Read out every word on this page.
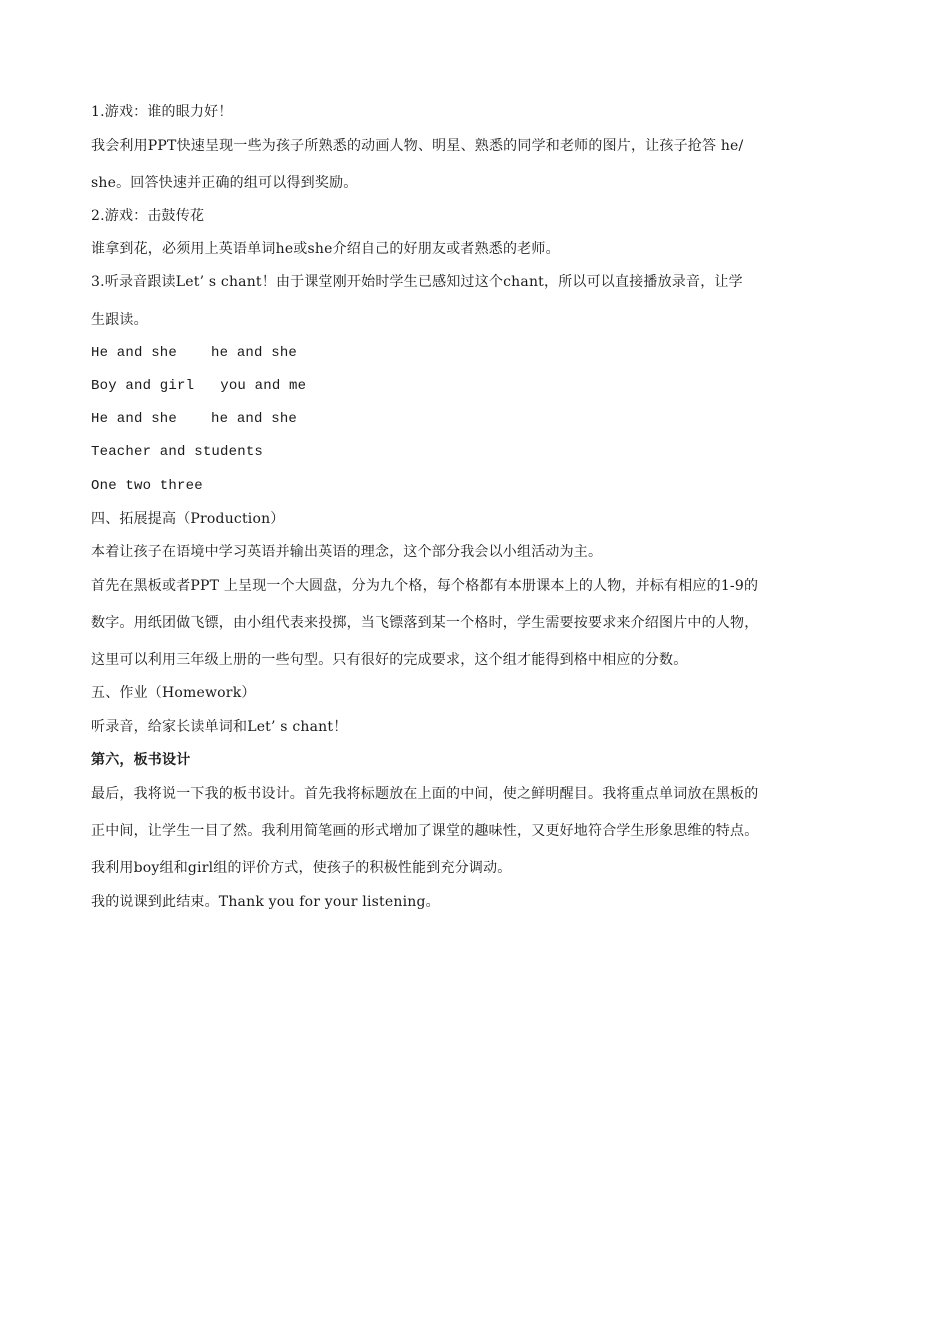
1.游戏：谁的眼力好！
我会利用PPT快速呈现一些为孩子所熟悉的动画人物、明星、熟悉的同学和老师的图片，让孩子抢答 he/
she。回答快速并正确的组可以得到奖励。
2.游戏：击鼓传花
谁拿到花，必须用上英语单词he或she介绍自己的好朋友或者熟悉的老师。
3.听录音跟读Let’ s chant！由于课堂刚开始时学生已感知过这个chant，所以可以直接播放录音，让学
生跟读。
He and she he and she
Boy and girl you and me
He and she he and she
Teacher and students
One two three
四、拓展提高（Production）
本着让孩子在语境中学习英语并输出英语的理念，这个部分我会以小组活动为主。
首先在黑板或者PPT 上呈现一个大圆盘，分为九个格，每个格都有本册课本上的人物，并标有相应的1-9的
数字。用纸团做飞镖，由小组代表来投掷，当飞镖落到某一个格时，学生需要按要求来介绍图片中的人物，
这里可以利用三年级上册的一些句型。只有很好的完成要求，这个组才能得到格中相应的分数。
五、作业（Homework）
听录音，给家长读单词和Let’ s chant！
第六，板书设计
最后，我将说一下我的板书设计。首先我将标题放在上面的中间，使之鲜明醒目。我将重点单词放在黑板的
正中间，让学生一目了然。我利用简笔画的形式增加了课堂的趣味性，又更好地符合学生形象思维的特点。
我利用boy组和girl组的评价方式，使孩子的积极性能到充分调动。
我的说课到此结束。Thank you for your listening。
